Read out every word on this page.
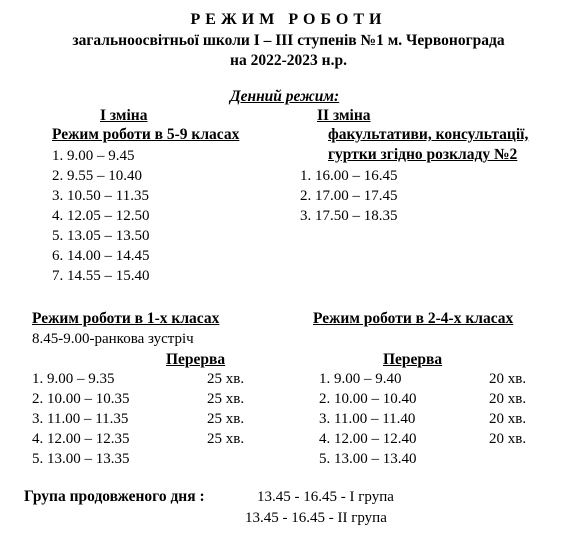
РЕЖИМ РОБОТИ
загальноосвітньої школи І – ІІІ ступенів №1 м. Червонограда
на 2022-2023 н.р.
Денний режим:
І зміна
Режим роботи в 5-9 класах
1. 9.00 – 9.45
2. 9.55 – 10.40
3. 10.50 – 11.35
4. 12.05 – 12.50
5. 13.05 – 13.50
6. 14.00 – 14.45
7. 14.55 – 15.40
ІІ зміна
факультативи, консультації,
гуртки згідно розкладу №2
1. 16.00 – 16.45
2. 17.00 – 17.45
3. 17.50 – 18.35
Режим роботи в 1-х класах
8.45-9.00-ранкова зустріч
Перерва
1. 9.00 – 9.35
2. 10.00 – 10.35
3. 11.00 – 11.35
4. 12.00 – 12.35
5. 13.00 – 13.35
25 хв.
25 хв.
25 хв.
25 хв.
Режим роботи в 2-4-х класах
Перерва
1. 9.00 – 9.40
2. 10.00 – 10.40
3. 11.00 – 11.40
4. 12.00 – 12.40
5. 13.00 – 13.40
20 хв.
20 хв.
20 хв.
20 хв.
Група продовженого дня :	13.45 - 16.45 - І група
13.45 - 16.45 - ІІ група
